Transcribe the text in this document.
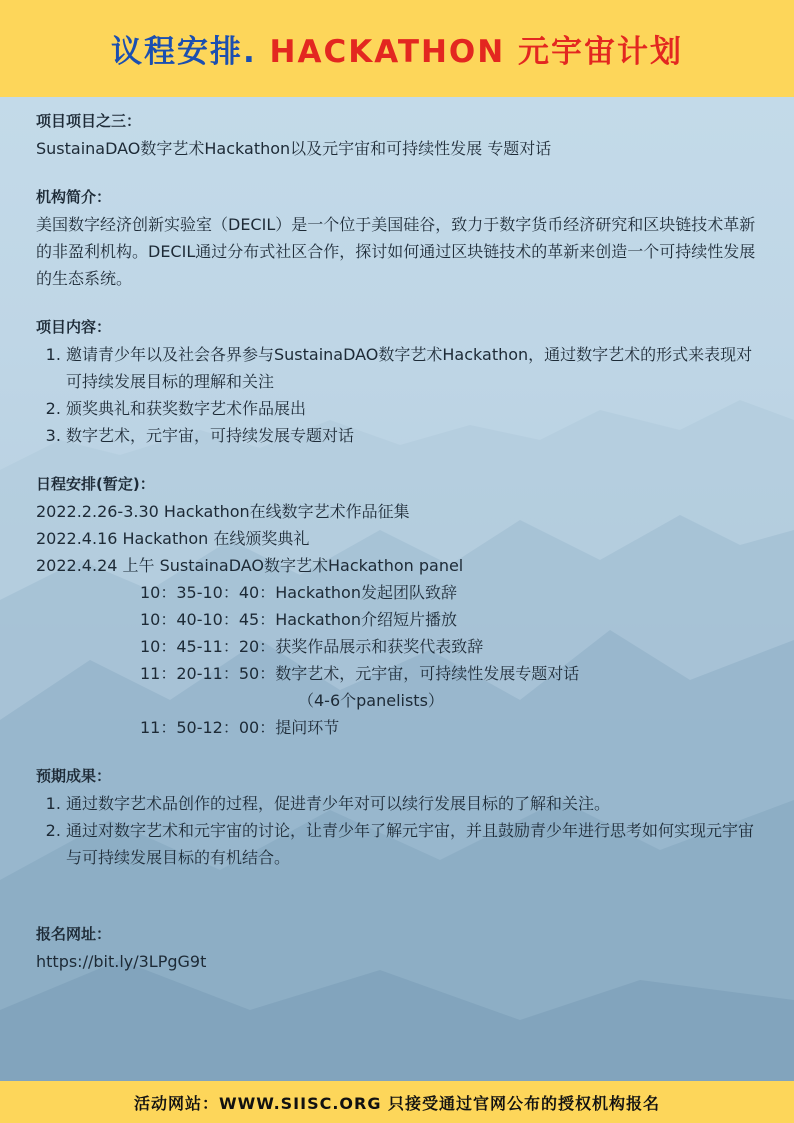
议程安排. HACKATHON 元宇宙计划

项目项目之三：

SustainaDAO数字艺术Hackathon以及元宇宙和可持续性发展 专题对话

机构简介：

美国数字经济创新实验室（DECIL）是一个位于美国硅谷，致力于数字货币经济研究和区块链技术革新的非盈利机构。DECIL通过分布式社区合作，探讨如何通过区块链技术的革新来创造一个可持续性发展的生态系统。

项目内容：

1. 邀请青少年以及社会各界参与SustainaDAO数字艺术Hackathon，通过数字艺术的形式来表现对可持续发展目标的理解和关注
2. 颁奖典礼和获奖数字艺术作品展出
3. 数字艺术，元宇宙，可持续发展专题对话

日程安排(暂定)：

2022.2.26-3.30 Hackathon在线数字艺术作品征集

2022.4.16 Hackathon 在线颁奖典礼

2022.4.24 上午 SustainaDAO数字艺术Hackathon panel

10：35-10：40： Hackathon发起团队致辞
10：40-10：45： Hackathon介绍短片播放
10：45-11：20： 获奖作品展示和获奖代表致辞
11：20-11：50： 数字艺术，元宇宙，可持续性发展专题对话
（4-6个panelists）
11：50-12：00： 提问环节

预期成果：

1. 通过数字艺术品创作的过程，促进青少年对可以续行发展目标的了解和关注。
2. 通过对数字艺术和元宇宙的讨论，让青少年了解元宇宙，并且鼓励青少年进行思考如何实现元宇宙与可持续发展目标的有机结合。

报名网址：

https://bit.ly/3LPgG9t

活动网站：WWW.SIISC.ORG 只接受通过官网公布的授权机构报名
